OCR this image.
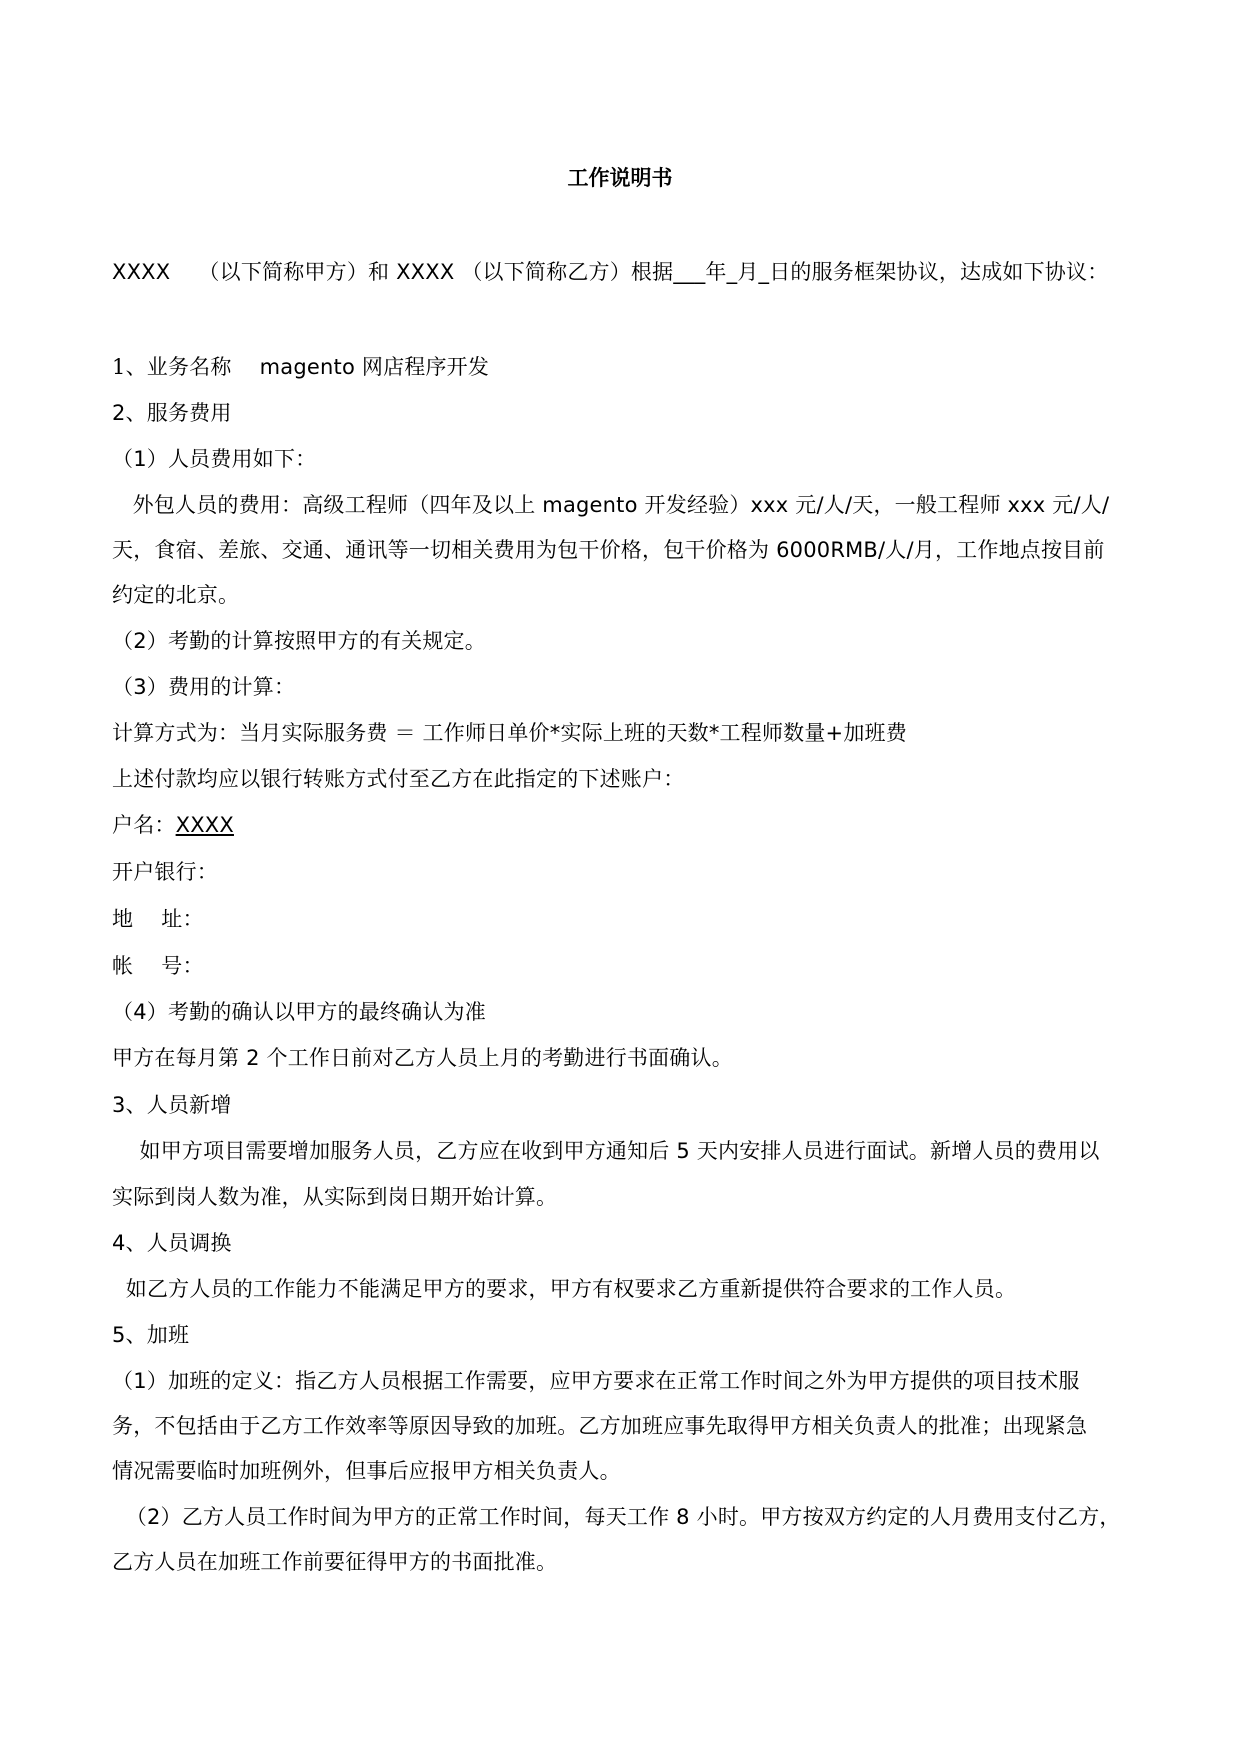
工作说明书
XXXX　 （以下简称甲方）和 XXXX （以下简称乙方）根据___年_月_日的服务框架协议，达成如下协议：
1、业务名称　 magento 网店程序开发
2、服务费用
（1）人员费用如下：
外包人员的费用：高级工程师（四年及以上 magento 开发经验）xxx 元/人/天，一般工程师 xxx 元/人/
天，食宿、差旅、交通、通讯等一切相关费用为包干价格，包干价格为 6000RMB/人/月，工作地点按目前
约定的北京。
（2）考勤的计算按照甲方的有关规定。
（3）费用的计算：
计算方式为：当月实际服务费 ＝ 工作师日单价*实际上班的天数*工程师数量+加班费
上述付款均应以银行转账方式付至乙方在此指定的下述账户：
户名：XXXX
开户银行：
地　 址：
帐　 号：
（4）考勤的确认以甲方的最终确认为准
甲方在每月第 2 个工作日前对乙方人员上月的考勤进行书面确认。
3、人员新增
如甲方项目需要增加服务人员，乙方应在收到甲方通知后 5 天内安排人员进行面试。新增人员的费用以
实际到岗人数为准，从实际到岗日期开始计算。
4、人员调换
如乙方人员的工作能力不能满足甲方的要求，甲方有权要求乙方重新提供符合要求的工作人员。
5、加班
（1）加班的定义：指乙方人员根据工作需要，应甲方要求在正常工作时间之外为甲方提供的项目技术服
务，不包括由于乙方工作效率等原因导致的加班。乙方加班应事先取得甲方相关负责人的批准；出现紧急
情况需要临时加班例外，但事后应报甲方相关负责人。
（2）乙方人员工作时间为甲方的正常工作时间，每天工作 8 小时。甲方按双方约定的人月费用支付乙方，
乙方人员在加班工作前要征得甲方的书面批准。
